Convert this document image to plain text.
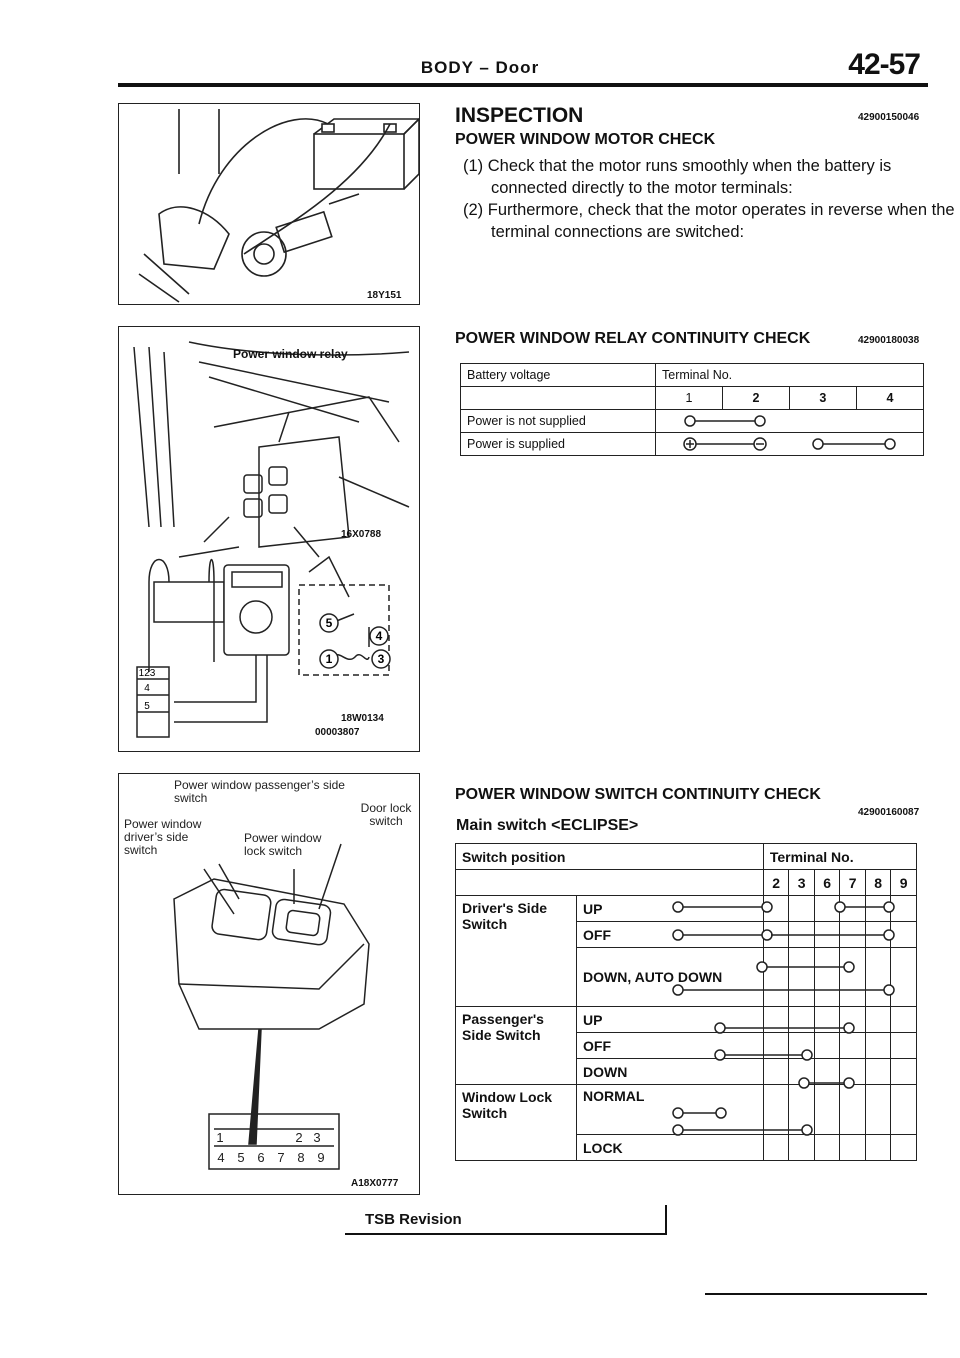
BODY – Door	42-57
18Y151
5
4
1	3
123
4
5
Power window relay
16X0788
18W0134
00003807
1	2 3
4 5 6 7 8 9
Power window passenger’s side switch
Door lock switch
Power window driver’s side switch
Power window lock switch
A18X0777
INSPECTION	42900150046
POWER WINDOW MOTOR CHECK
(1) Check that the motor runs smoothly when the battery is connected directly to the motor terminals:
(2) Furthermore, check that the motor operates in reverse when the terminal connections are switched:
POWER WINDOW RELAY CONTINUITY CHECK	42900180038
Battery voltage	Terminal No.			
	1	2	3	4
Power is not supplied	

Power is supplied	
POWER WINDOW SWITCH CONTINUITY CHECK
42900160087
Main switch <ECLIPSE>
Switch position		Terminal No.					
		2	3	6	7	8	9
Driver's Side Switch	UP						
	OFF						
	DOWN, AUTO DOWN						
Passenger's Side Switch	UP						
	OFF						
	DOWN						
Window Lock Switch	NORMAL						
	LOCK						
TSB Revision
